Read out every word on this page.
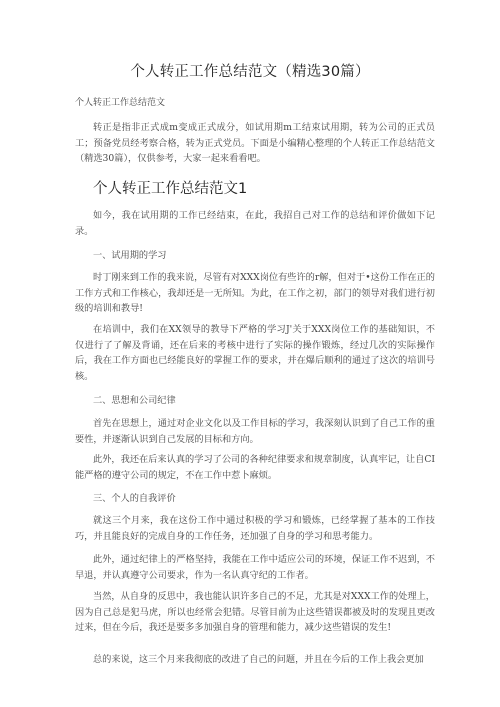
个人转正工作总结范文（精选30篇）
个人转正工作总结范文

转正是指非正式成m变成正式成分，如试用期m工结束试用期，转为公司的正式员工；预备党员经考察合格，转为正式党员。下面是小编精心整理的个人转正工作总结范文（精选30篇），仅供参考，大家一起来看看吧。

个人转正工作总结范文1

如今，我在试用期的工作已经结束，在此，我招自己对工作的总结和评价做如下记录。

一、试用期的学习

时丁刚来到工作的我来说，尽管有对XXX岗位有些许的r解，但对于•这份工作在正的工作方式和工作核心，我却还是一无所知。为此，在工作之初，部门的领导对我们进行初级的培训和教导!

在培训中，我们在XX领导的教导下严格的学习J'关于XXX岗位工作的基础知识，不仅进行了了解及背诵，还在后来的考核中进行了实际的操作锻炼，经过几次的实际操作后，我在工作方面也已经能良好的掌握工作的要求，并在爆后顺利的通过了这次的培训号核。

二、思想和公司纪律

首先在思想上，通过对企业文化以及工作目标的学习，我深刻认识到了自己工作的重要性，并逐渐认识到自己发展的目标和方向。

此外，我还在后来认真的学习了公司的各种纪律要求和规章制度，认真牢记，让自CI能严格的遵守公司的规定，不在工作中惹卜麻烦。

三、个人的自我评价

就这三个月来，我在这份工作中通过积极的学习和锻炼，已经掌握了基本的工作技巧，并且能良好的完成自身的工作任务，还加强了自身的学习和思考能力。

此外，通过纪律上的严格坚持，我能在工作中适应公司的环境，保证工作不迟到，不早退，并认真遵守公司要求，作为一名认真守纪的工作者。

当然，从自身的反思中，我也能认识许多自己的不足，尤其是对XXX工作的处理上，因为自己总是犯马虎，所以也经常会犯错。尽管目前为止这些错误都被及时的发现且更改过来，但在今后，我还是要多多加强自身的管理和能力，减少这些错误的发生!

总的来说，这三个月来我彻底的改进了自己的问题，并且在今后的工作上我会更加
